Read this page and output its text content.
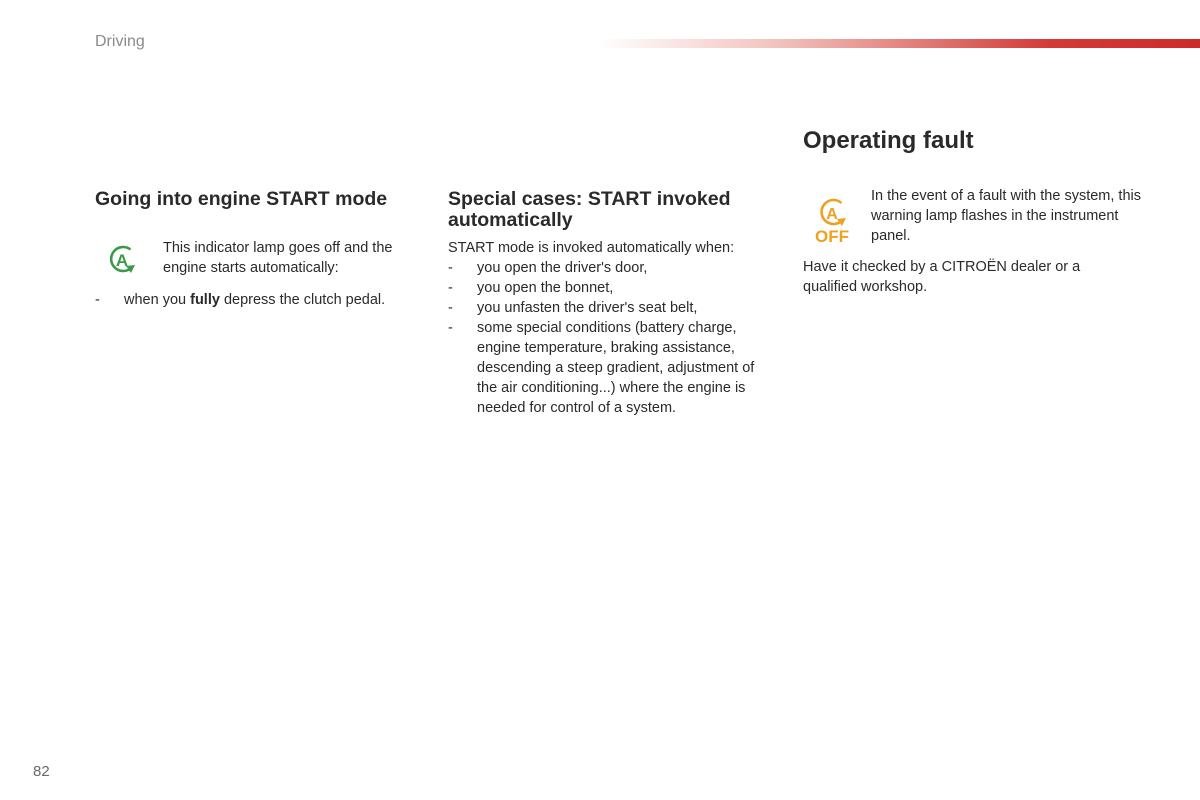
Driving
Going into engine START mode
A
This indicator lamp goes off and the engine starts automatically:
- when you fully depress the clutch pedal.
Special cases: START invoked automatically
START mode is invoked automatically when:
- you open the driver's door,
- you open the bonnet,
- you unfasten the driver's seat belt,
- some special conditions (battery charge, engine temperature, braking assistance, descending a steep gradient, adjustment of the air conditioning...) where the engine is needed for control of a system.
Operating fault
A
OFF
In the event of a fault with the system, this warning lamp flashes in the instrument panel.
Have it checked by a CITROËN dealer or a qualified workshop.
82
